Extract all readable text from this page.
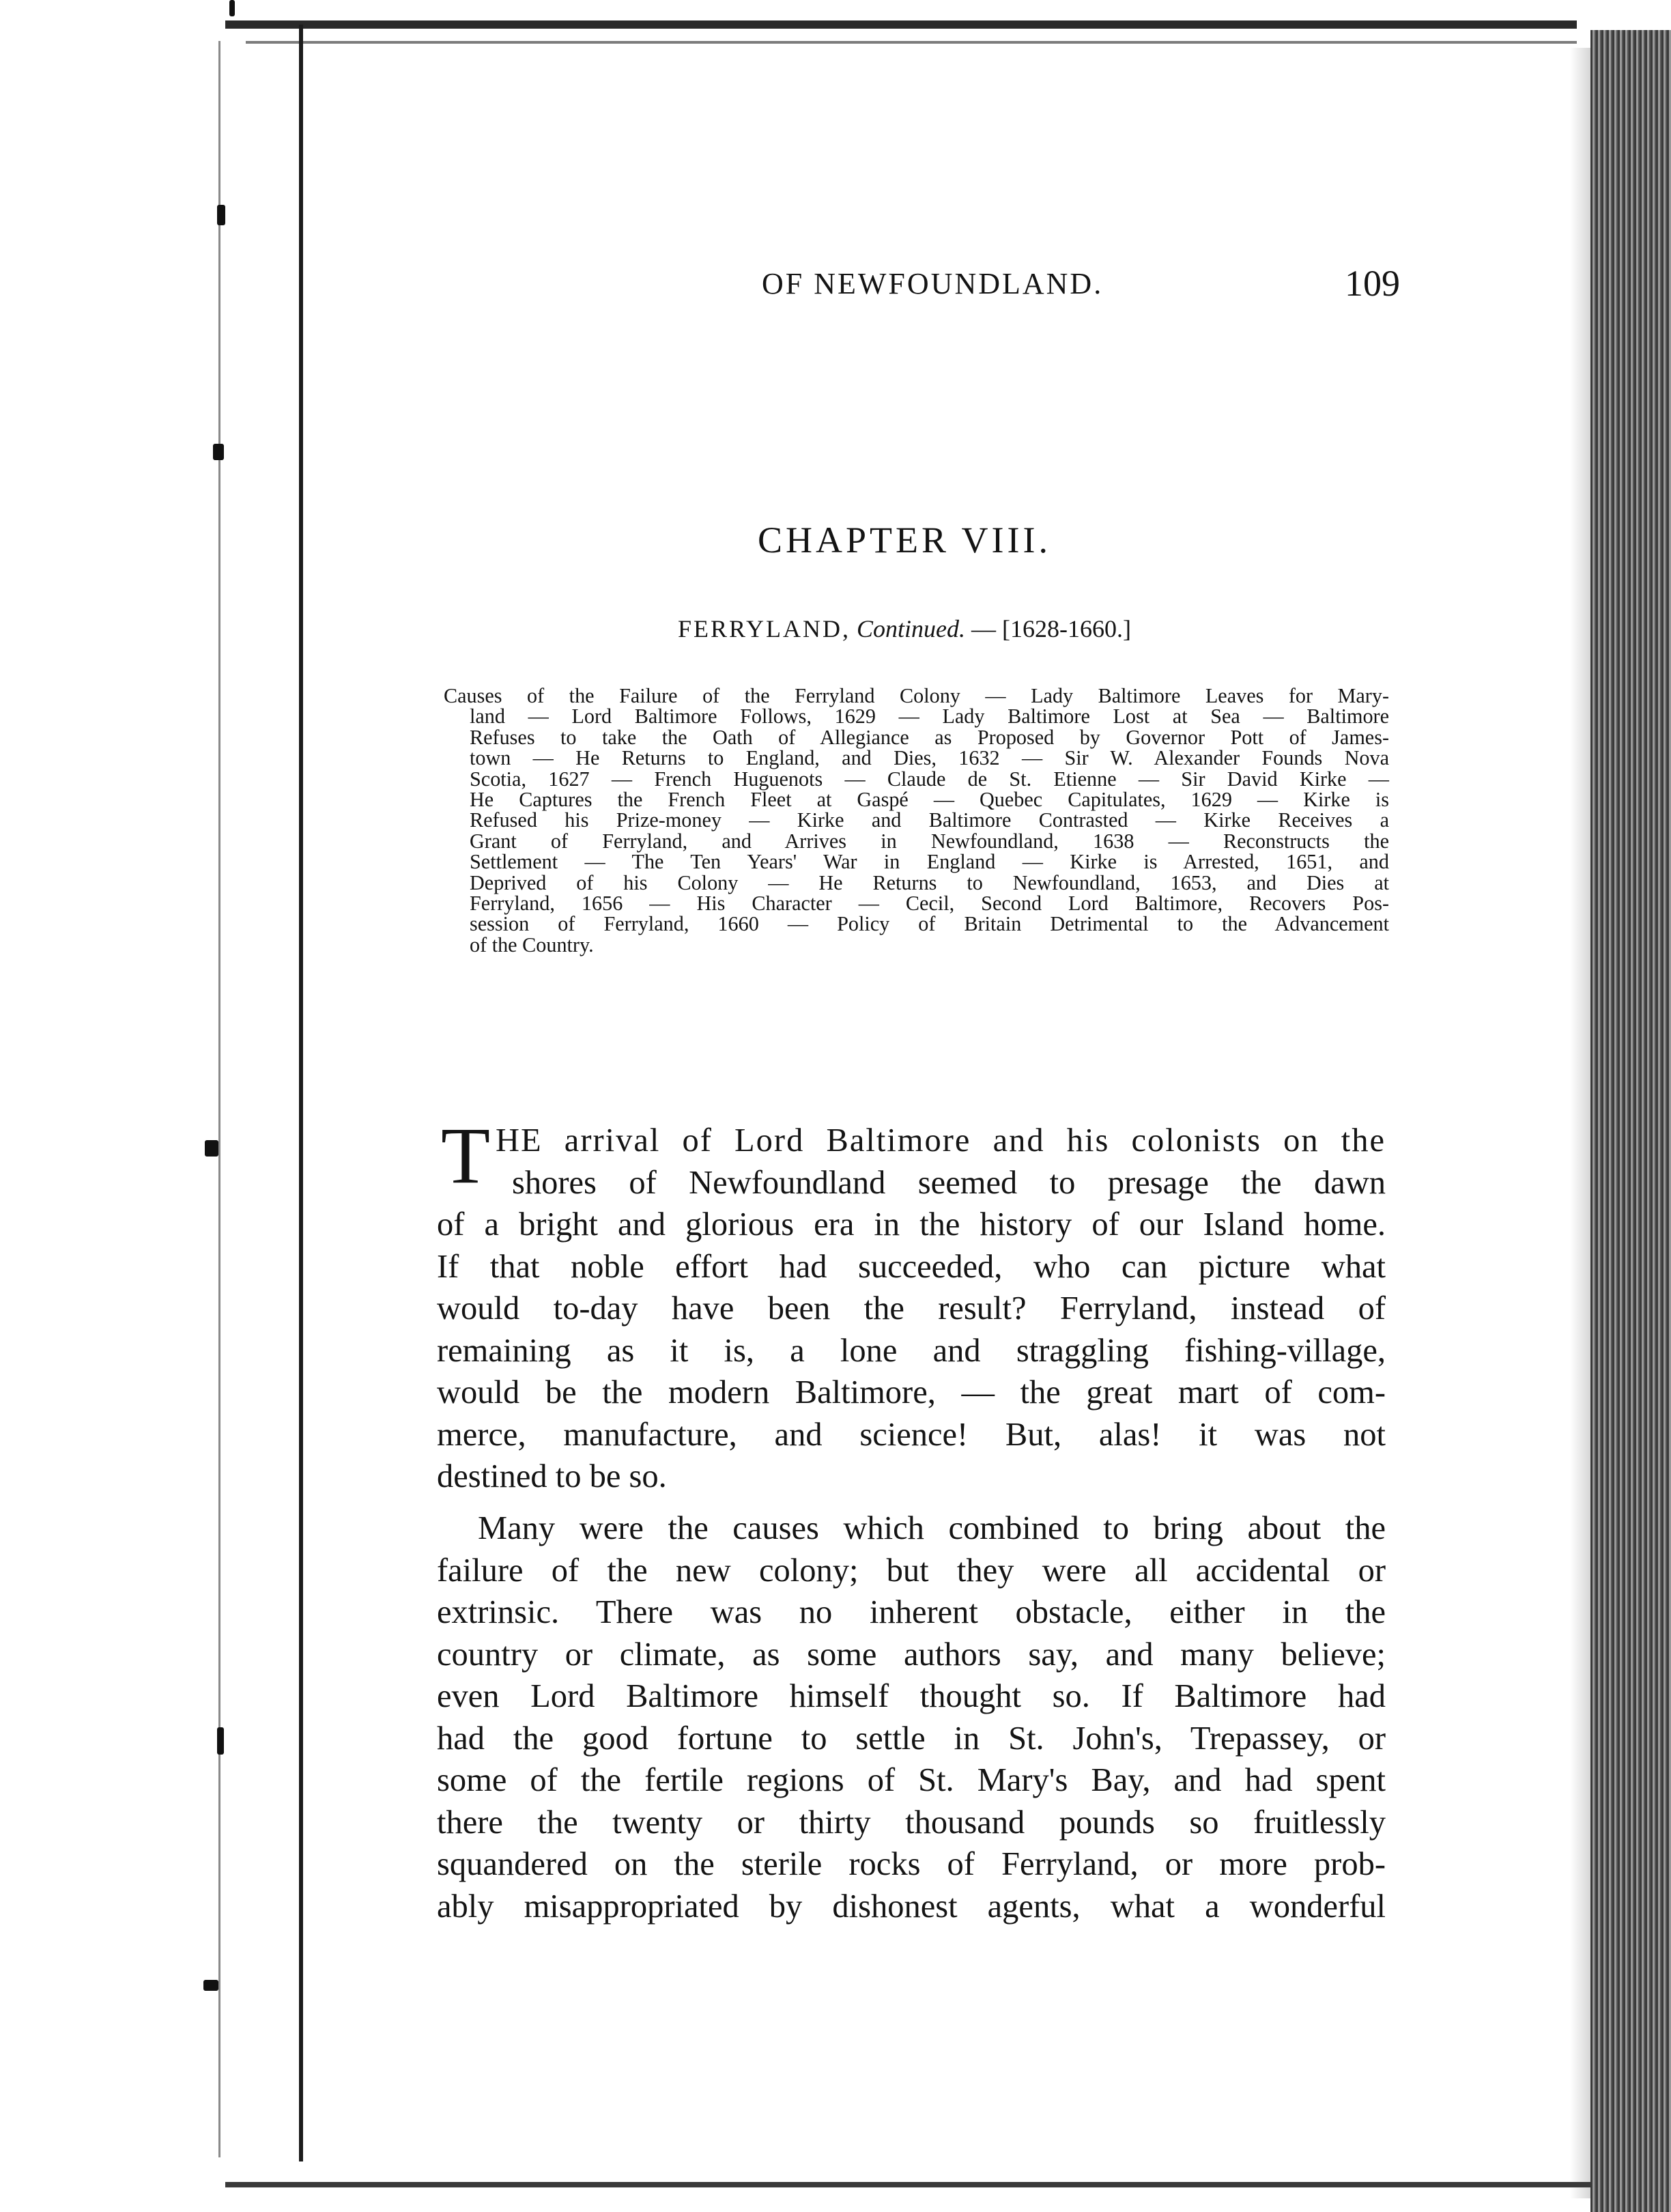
OF NEWFOUNDLAND.	109
CHAPTER VIII.
FERRYLAND, Continued. — [1628-1660.]
Causes of the Failure of the Ferryland Colony — Lady Baltimore Leaves for Mary-
land — Lord Baltimore Follows, 1629 — Lady Baltimore Lost at Sea — Baltimore
Refuses to take the Oath of Allegiance as Proposed by Governor Pott of James-
town — He Returns to England, and Dies, 1632 — Sir W. Alexander Founds Nova
Scotia, 1627 — French Huguenots — Claude de St. Etienne — Sir David Kirke —
He Captures the French Fleet at Gaspé — Quebec Capitulates, 1629 — Kirke is
Refused his Prize-money — Kirke and Baltimore Contrasted — Kirke Receives a
Grant of Ferryland, and Arrives in Newfoundland, 1638 — Reconstructs the
Settlement — The Ten Years' War in England — Kirke is Arrested, 1651, and
Deprived of his Colony — He Returns to Newfoundland, 1653, and Dies at
Ferryland, 1656 — His Character — Cecil, Second Lord Baltimore, Recovers Pos-
session of Ferryland, 1660 — Policy of Britain Detrimental to the Advancement
of the Country.
T HE arrival of Lord Baltimore and his colonists on the
shores of Newfoundland seemed to presage the dawn
of a bright and glorious era in the history of our Island home.
If that noble effort had succeeded, who can picture what
would to-day have been the result? Ferryland, instead of
remaining as it is, a lone and straggling fishing-village,
would be the modern Baltimore, — the great mart of com-
merce, manufacture, and science! But, alas! it was not
destined to be so.
Many were the causes which combined to bring about the
failure of the new colony; but they were all accidental or
extrinsic. There was no inherent obstacle, either in the
country or climate, as some authors say, and many believe;
even Lord Baltimore himself thought so. If Baltimore had
had the good fortune to settle in St. John's, Trepassey, or
some of the fertile regions of St. Mary's Bay, and had spent
there the twenty or thirty thousand pounds so fruitlessly
squandered on the sterile rocks of Ferryland, or more prob-
ably misappropriated by dishonest agents, what a wonderful
